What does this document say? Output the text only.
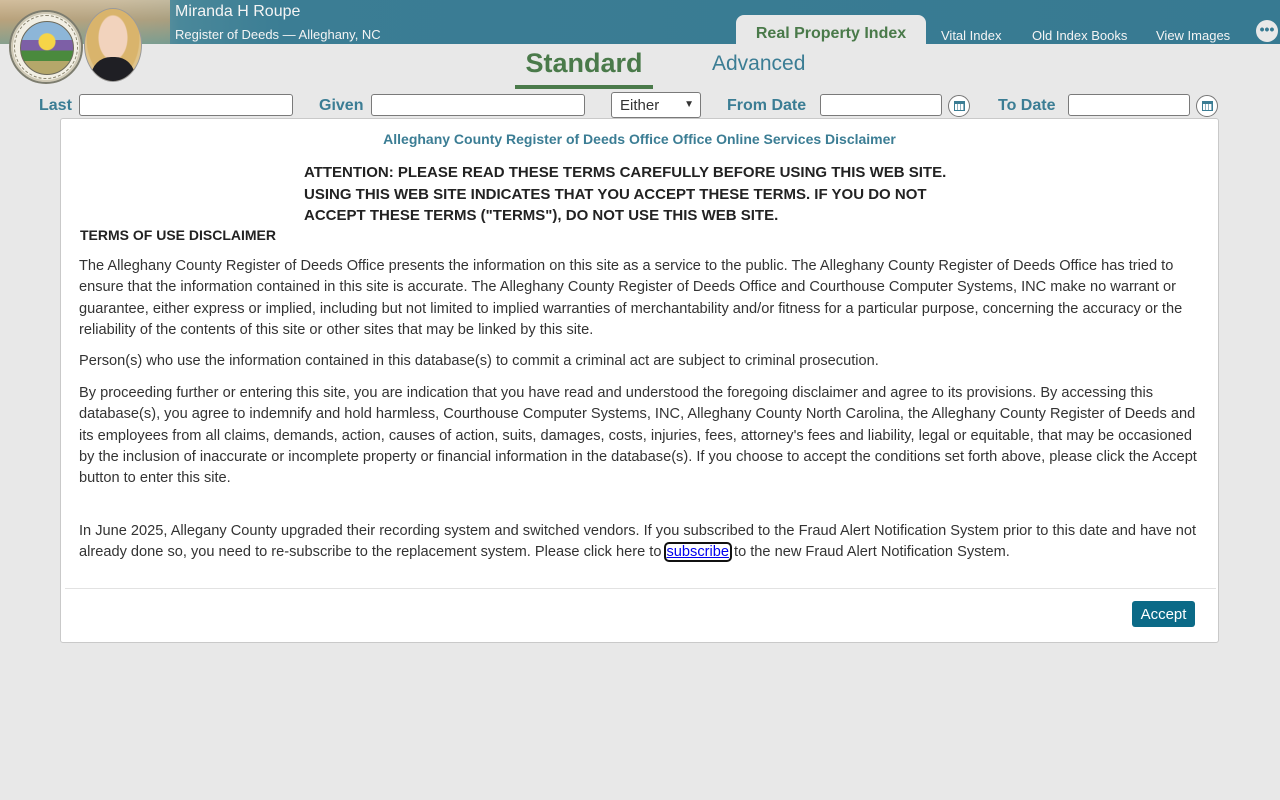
Miranda H Roupe
Register of Deeds — Alleghany, NC	Real Property Index	Vital Index Old Index Books View Images •••
Standard	Advanced
Last	Given	Either ▼ From Date	To Date
Alleghany County Register of Deeds Office Office Online Services Disclaimer
ATTENTION: PLEASE READ THESE TERMS CAREFULLY BEFORE USING THIS WEB SITE.
USING THIS WEB SITE INDICATES THAT YOU ACCEPT THESE TERMS. IF YOU DO NOT
ACCEPT THESE TERMS ("TERMS"), DO NOT USE THIS WEB SITE.
TERMS OF USE DISCLAIMER
The Alleghany County Register of Deeds Office presents the information on this site as a service to the public. The Alleghany County Register of Deeds Office has tried to ensure that the information contained in this site is accurate. The Alleghany County Register of Deeds Office and Courthouse Computer Systems, INC make no warrant or guarantee, either express or implied, including but not limited to implied warranties of merchantability and/or fitness for a particular purpose, concerning the accuracy or the reliability of the contents of this site or other sites that may be linked by this site.
Person(s) who use the information contained in this database(s) to commit a criminal act are subject to criminal prosecution.
By proceeding further or entering this site, you are indication that you have read and understood the foregoing disclaimer and agree to its provisions. By accessing this database(s), you agree to indemnify and hold harmless, Courthouse Computer Systems, INC, Alleghany County North Carolina, the Alleghany County Register of Deeds and its employees from all claims, demands, action, causes of action, suits, damages, costs, injuries, fees, attorney's fees and liability, legal or equitable, that may be occasioned by the inclusion of inaccurate or incomplete property or financial information in the database(s). If you choose to accept the conditions set forth above, please click the Accept button to enter this site.
In June 2025, Allegany County upgraded their recording system and switched vendors. If you subscribed to the Fraud Alert Notification System prior to this date and have not already done so, you need to re-subscribe to the replacement system. Please click here to subscribe to the new Fraud Alert Notification System.
Accept
